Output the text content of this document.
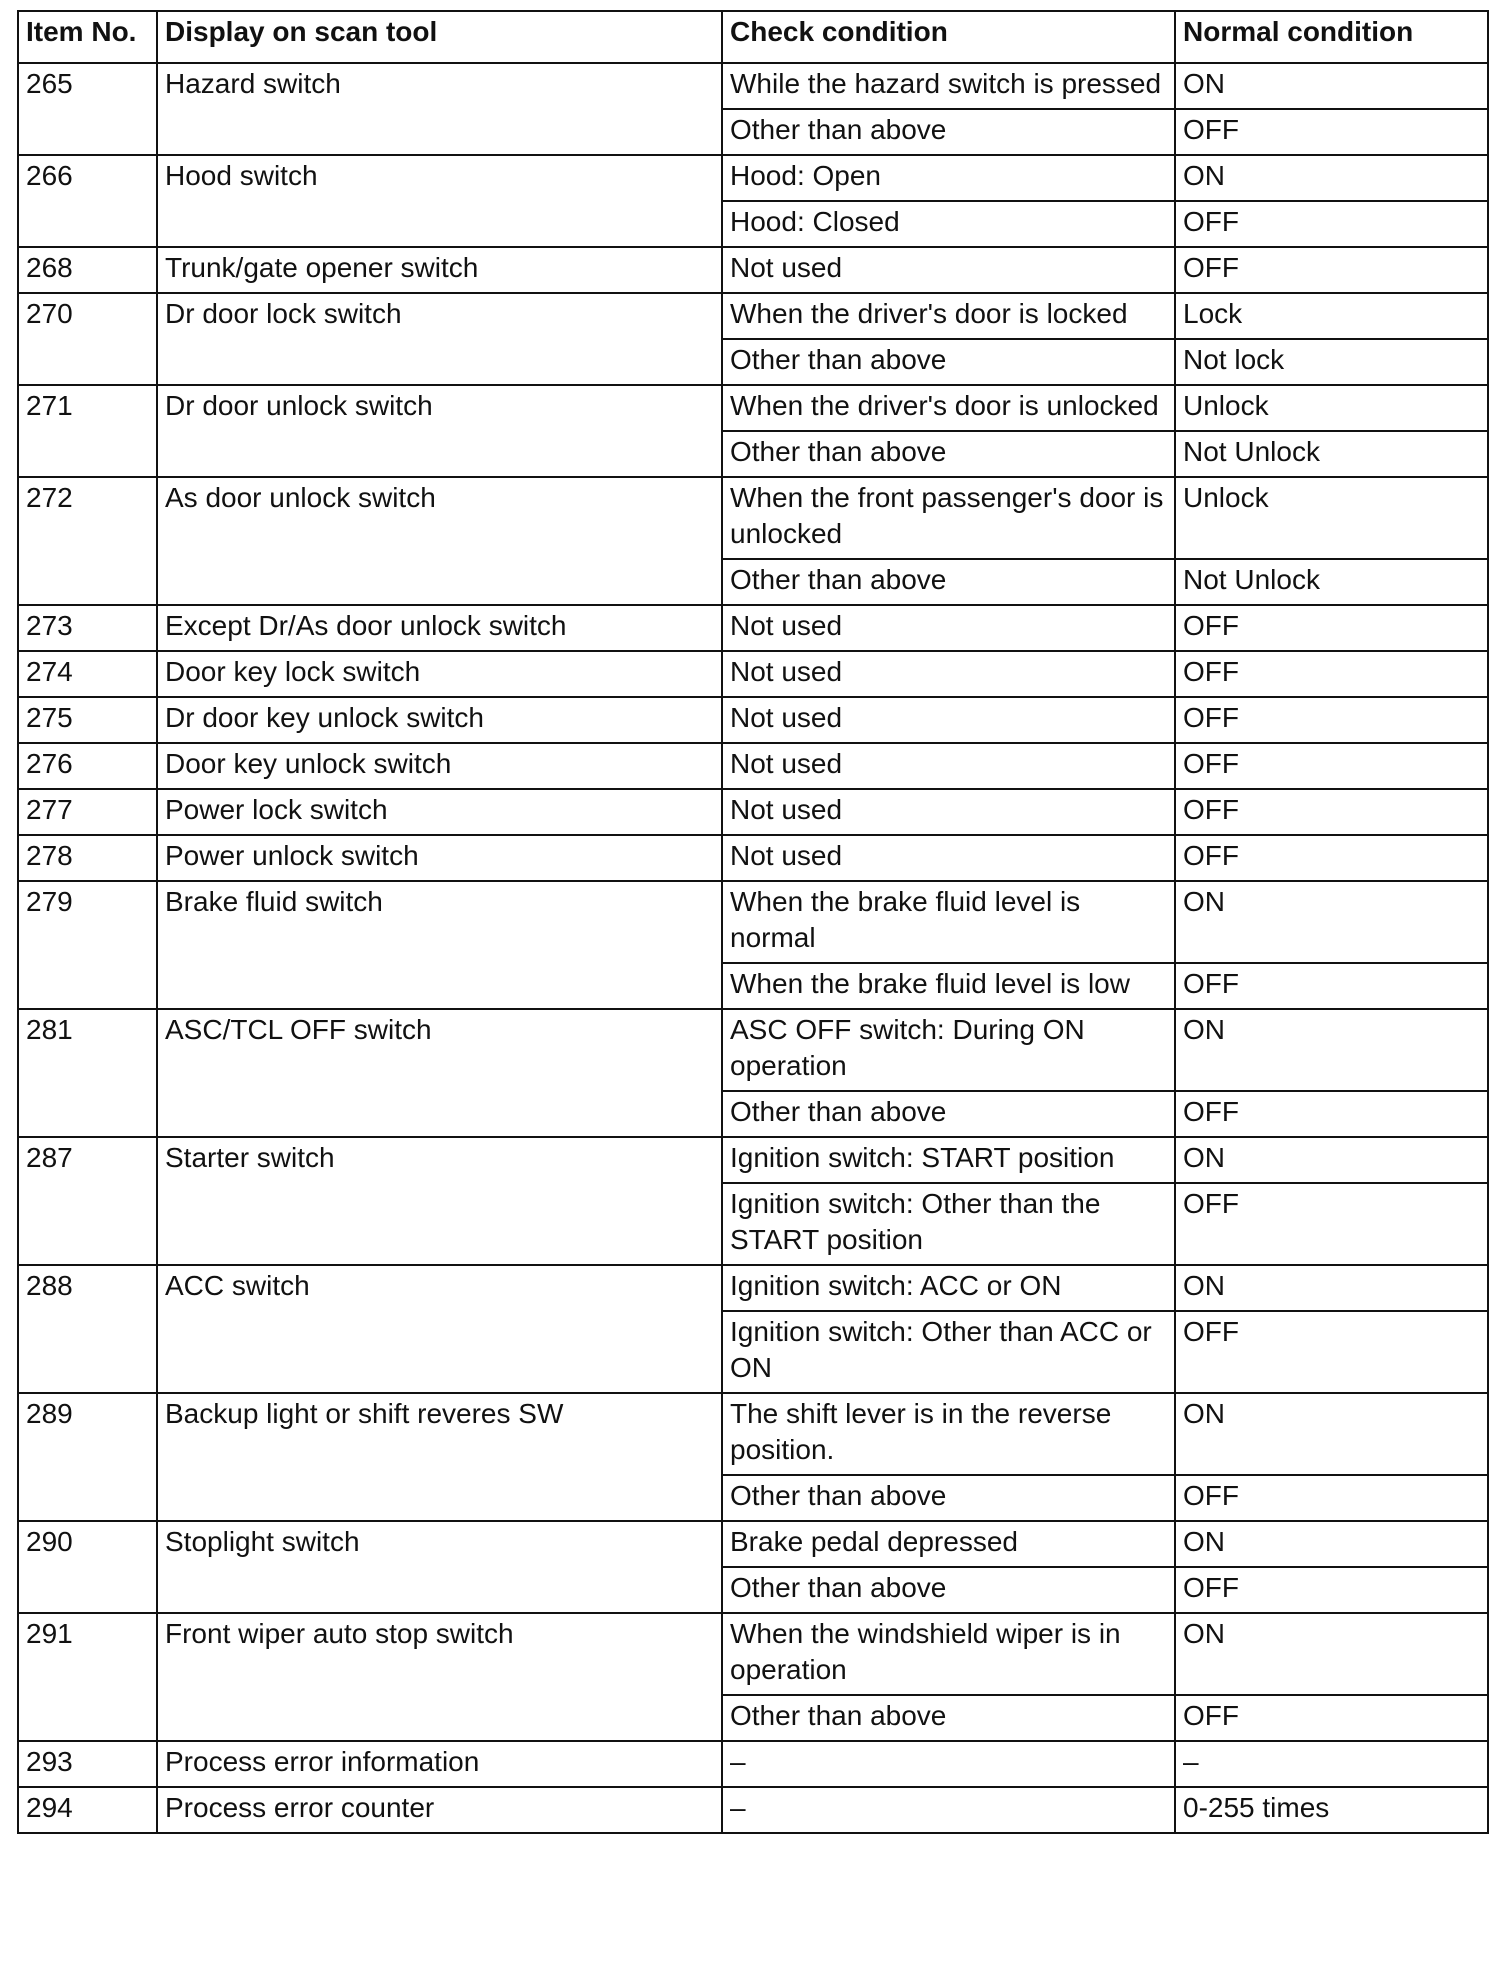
Item No.	Display on scan tool	Check condition	Normal condition
265	Hazard switch	While the hazard switch is pressed	ON
		Other than above	OFF
266	Hood switch	Hood: Open	ON
		Hood: Closed	OFF
268	Trunk/gate opener switch	Not used	OFF
270	Dr door lock switch	When the driver's door is locked	Lock
		Other than above	Not lock
271	Dr door unlock switch	When the driver's door is unlocked	Unlock
		Other than above	Not Unlock
272	As door unlock switch	When the front passenger's door is unlocked	Unlock
		Other than above	Not Unlock
273	Except Dr/As door unlock switch	Not used	OFF
274	Door key lock switch	Not used	OFF
275	Dr door key unlock switch	Not used	OFF
276	Door key unlock switch	Not used	OFF
277	Power lock switch	Not used	OFF
278	Power unlock switch	Not used	OFF
279	Brake fluid switch	When the brake fluid level is normal	ON
		When the brake fluid level is low	OFF
281	ASC/TCL OFF switch	ASC OFF switch: During ON operation	ON
		Other than above	OFF
287	Starter switch	Ignition switch: START position	ON
		Ignition switch: Other than the START position	OFF
288	ACC switch	Ignition switch: ACC or ON	ON
		Ignition switch: Other than ACC or ON	OFF
289	Backup light or shift reveres SW	The shift lever is in the reverse position.	ON
		Other than above	OFF
290	Stoplight switch	Brake pedal depressed	ON
		Other than above	OFF
291	Front wiper auto stop switch	When the windshield wiper is in operation	ON
		Other than above	OFF
293	Process error information	–	–
294	Process error counter	–	0-255 times
